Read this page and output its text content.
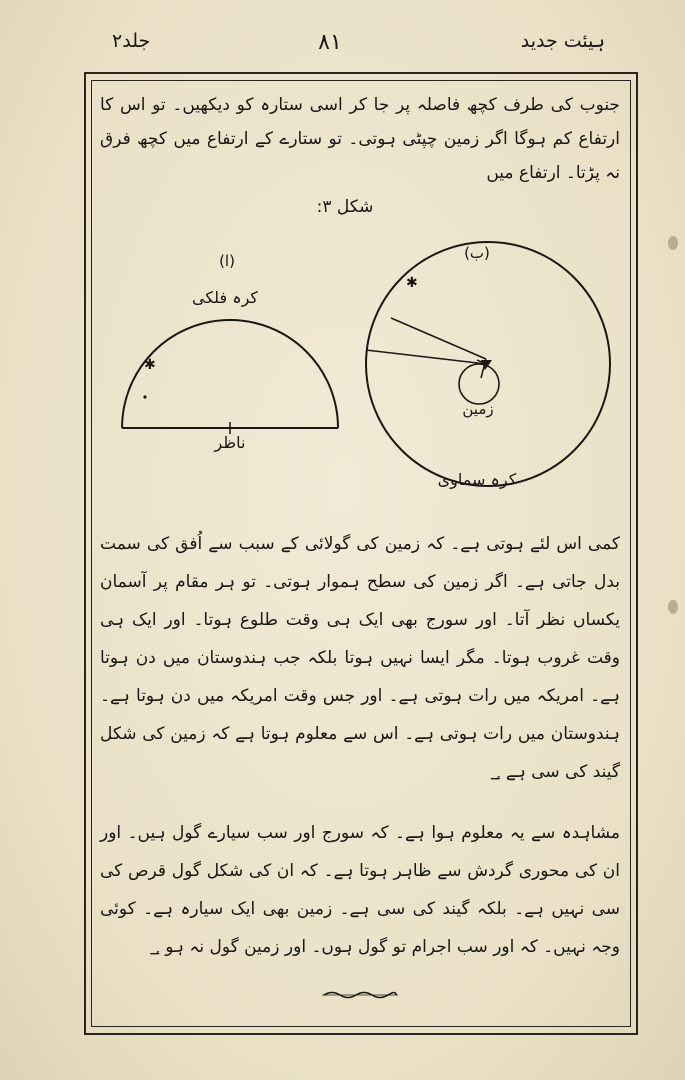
ہیئت جدید
۸۱
جلد۲
جنوب کی طرف کچھ فاصلہ پر جا کر اسی ستارہ کو دیکھیں۔ تو اس کا ارتفاع کم ہوگا اگر زمین چپٹی ہوتی۔ تو ستارے کے ارتفاع میں کچھ فرق نہ پڑتا۔ ارتفاع میں
شکل ۳:
✱
✱
(ا)	(ب)
کرہ فلکی
ناظر
زمین
کرہ سماوی
کمی اس لئے ہوتی ہے۔ کہ زمین کی گولائی کے سبب سے اُفق کی سمت بدل جاتی ہے۔ اگر زمین کی سطح ہموار ہوتی۔ تو ہر مقام پر آسمان یکساں نظر آتا۔ اور سورج بھی ایک ہی وقت طلوع ہوتا۔ اور ایک ہی وقت غروب ہوتا۔ مگر ایسا نہیں ہوتا بلکہ جب ہندوستان میں دن ہوتا ہے۔ امریکہ میں رات ہوتی ہے۔ اور جس وقت امریکہ میں دن ہوتا ہے۔ ہندوستان میں رات ہوتی ہے۔ اس سے معلوم ہوتا ہے کہ زمین کی شکل گیند کی سی ہے ؀
مشاہدہ سے یہ معلوم ہوا ہے۔ کہ سورج اور سب سیارے گول ہیں۔ اور ان کی محوری گردش سے ظاہر ہوتا ہے۔ کہ ان کی شکل گول قرص کی سی نہیں ہے۔ بلکہ گیند کی سی ہے۔ زمین بھی ایک سیارہ ہے۔ کوئی وجہ نہیں۔ کہ اور سب اجرام تو گول ہوں۔ اور زمین گول نہ ہو ؀
